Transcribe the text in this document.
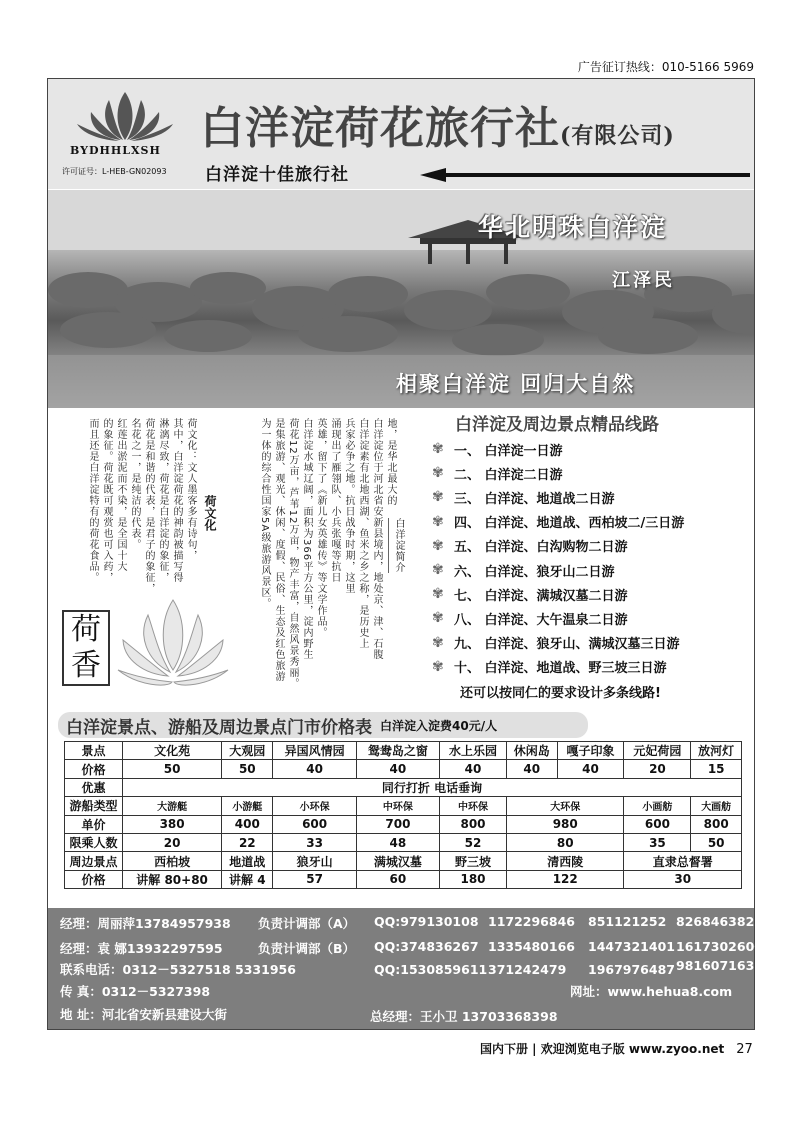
广告征订热线：010-5166 5969
BYDHHLXSH
许可证号：L-HEB-GN02093
白洋淀荷花旅行社(有限公司)
白洋淀十佳旅行社
华北明珠白洋淀
江泽民
相聚白洋淀 回归大自然
地，是华北最大的
白洋淀位于河北省安新县境内，地处京、津、石腹
白洋淀素有北地西湖、鱼米之乡之称，是历史上
兵家必争之地。抗日战争时期，这里
涌现出了雁翎队、小兵张嘎等抗日
英雄，留下了《新儿女英雄传》等文学作品。
白洋淀水域辽阔，面积为366平方公里，淀内野生
荷花12万亩，芦苇12万亩，物产丰富，自然风景秀丽。
是集旅游、观光、休闲、度假、民俗、生态及红色旅游
为一体的综合性国家5A级旅游风景区。
荷文化：文人墨客多有诗句，
其中，白洋淀荷花的神韵被描写得
淋漓尽致，荷花是白洋淀的象征，
荷花是和谐的代表，是君子的象征，
名花之一，是纯洁的代表。
红莲出淤泥而不染，是全国十大
的象征。荷花既可观赏也可入药，
而且还是白洋淀特有的荷花食品。	白洋淀简介
荷文化
荷香
白洋淀及周边景点精品线路
✾ 一、 白洋淀一日游
✾ 二、 白洋淀二日游
✾ 三、 白洋淀、地道战二日游
✾ 四、 白洋淀、地道战、西柏坡二/三日游
✾ 五、 白洋淀、白沟购物二日游
✾ 六、 白洋淀、狼牙山二日游
✾ 七、 白洋淀、满城汉墓二日游
✾ 八、 白洋淀、大午温泉二日游
✾ 九、 白洋淀、狼牙山、满城汉墓三日游
✾ 十、 白洋淀、地道战、野三坡三日游
还可以按同仁的要求设计多条线路!
白洋淀景点、游船及周边景点门市价格表 白洋淀入淀费40元/人
景点	文化苑	大观园	异国风情园	鸳鸯岛之窗	水上乐园	休闲岛	嘎子印象	元妃荷园	放河灯
价格	50	50	40	40	40	40	40	20	15
优惠	同行打折 电话垂询								
游船类型	大游艇	小游艇	小环保	中环保	中环保	大环保		小画舫	大画舫
单价	380	400	600	700	800	980		600	800
限乘人数	20	22	33	48	52	80		35	50
周边景点	西柏坡	地道战	狼牙山	满城汉墓	野三坡	清西陵		直隶总督署	
价格	讲解 80+80	讲解 4	57	60	180	122		30	
经理：周丽萍13784957938 负责计调部（A） QQ:979130108 1172296846 851121252 826846382
经理：袁 娜13932297595	负责计调部（B） QQ:374836267 1335480166 1447321401 1617302600
联系电话：0312－5327518 5331956	QQ:1530859611 371242479 1967976487 981607163
传 真：0312－5327398	网址：www.hehua8.com
地 址：河北省安新县建设大街	总经理：王小卫 13703368398
国内下册 | 欢迎浏览电子版 www.zyoo.net 27
